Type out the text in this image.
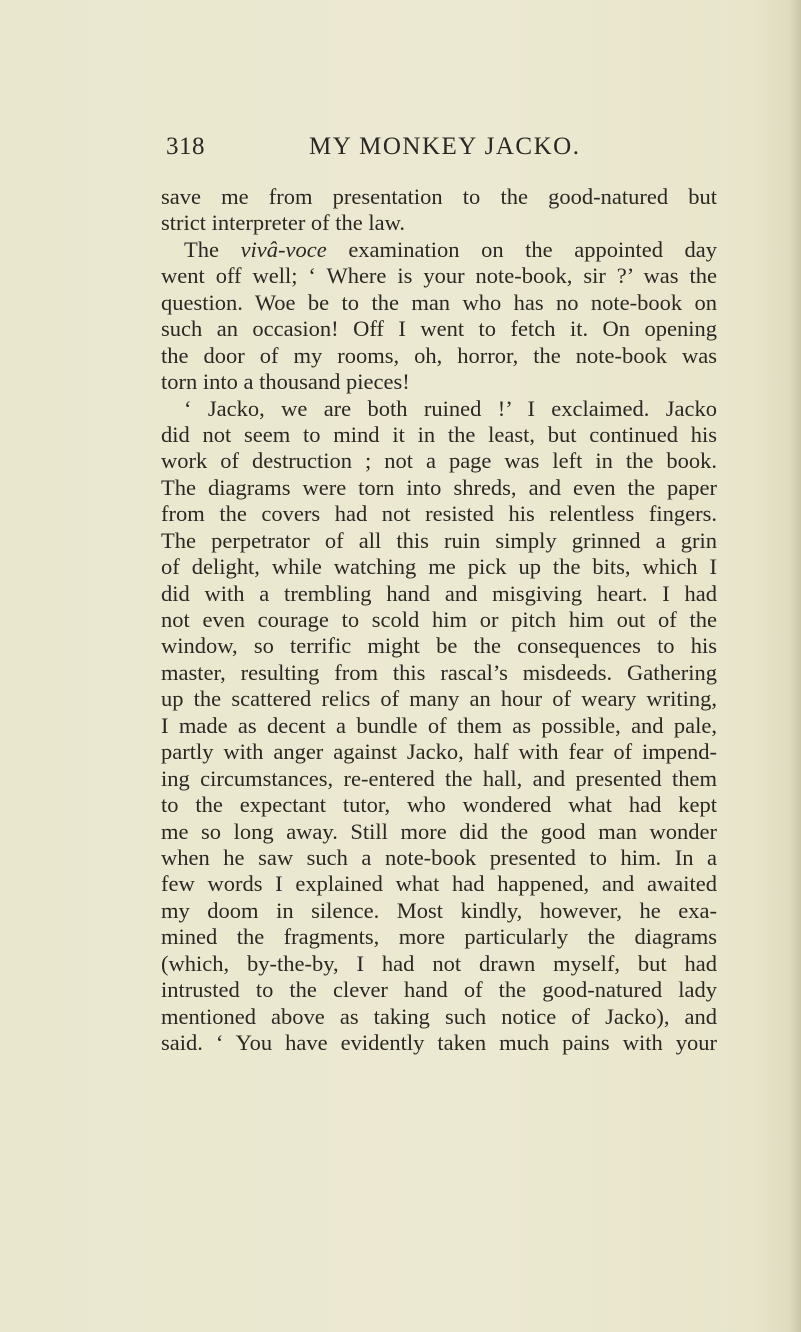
318	MY MONKEY JACKO.
save me from presentation to the good-natured but
strict interpreter of the law.
The vivâ-voce examination on the appointed day
went off well; ‘ Where is your note-book, sir ?’ was the
question. Woe be to the man who has no note-book on
such an occasion! Off I went to fetch it. On opening
the door of my rooms, oh, horror, the note-book was
torn into a thousand pieces!
‘ Jacko, we are both ruined !’ I exclaimed. Jacko
did not seem to mind it in the least, but continued his
work of destruction ; not a page was left in the book.
The diagrams were torn into shreds, and even the paper
from the covers had not resisted his relentless fingers.
The perpetrator of all this ruin simply grinned a grin
of delight, while watching me pick up the bits, which I
did with a trembling hand and misgiving heart. I had
not even courage to scold him or pitch him out of the
window, so terrific might be the consequences to his
master, resulting from this rascal’s misdeeds. Gathering
up the scattered relics of many an hour of weary writing,
I made as decent a bundle of them as possible, and pale,
partly with anger against Jacko, half with fear of impend-
ing circumstances, re-entered the hall, and presented them
to the expectant tutor, who wondered what had kept
me so long away. Still more did the good man wonder
when he saw such a note-book presented to him. In a
few words I explained what had happened, and awaited
my doom in silence. Most kindly, however, he exa-
mined the fragments, more particularly the diagrams
(which, by-the-by, I had not drawn myself, but had
intrusted to the clever hand of the good-natured lady
mentioned above as taking such notice of Jacko), and
said. ‘ You have evidently taken much pains with your
